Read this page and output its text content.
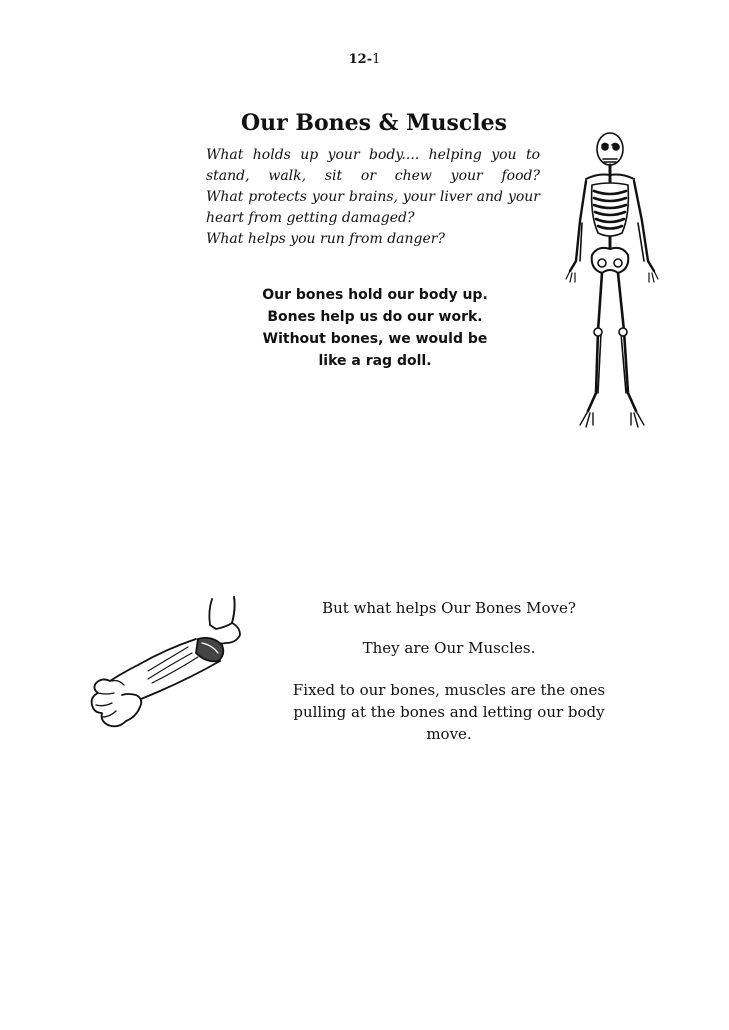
12-1
Our Bones & Muscles

What holds up your body.... helping you to stand, walk, sit or chew your food?

What protects your brains, your liver and your heart from getting damaged?

What helps you run from danger?

Our bones hold our body up.

Bones help us do our work.

Without bones, we would be

like a rag doll.

But what helps Our Bones Move?

They are Our Muscles.

Fixed to our bones, muscles are the ones pulling at the bones and letting our body move.
